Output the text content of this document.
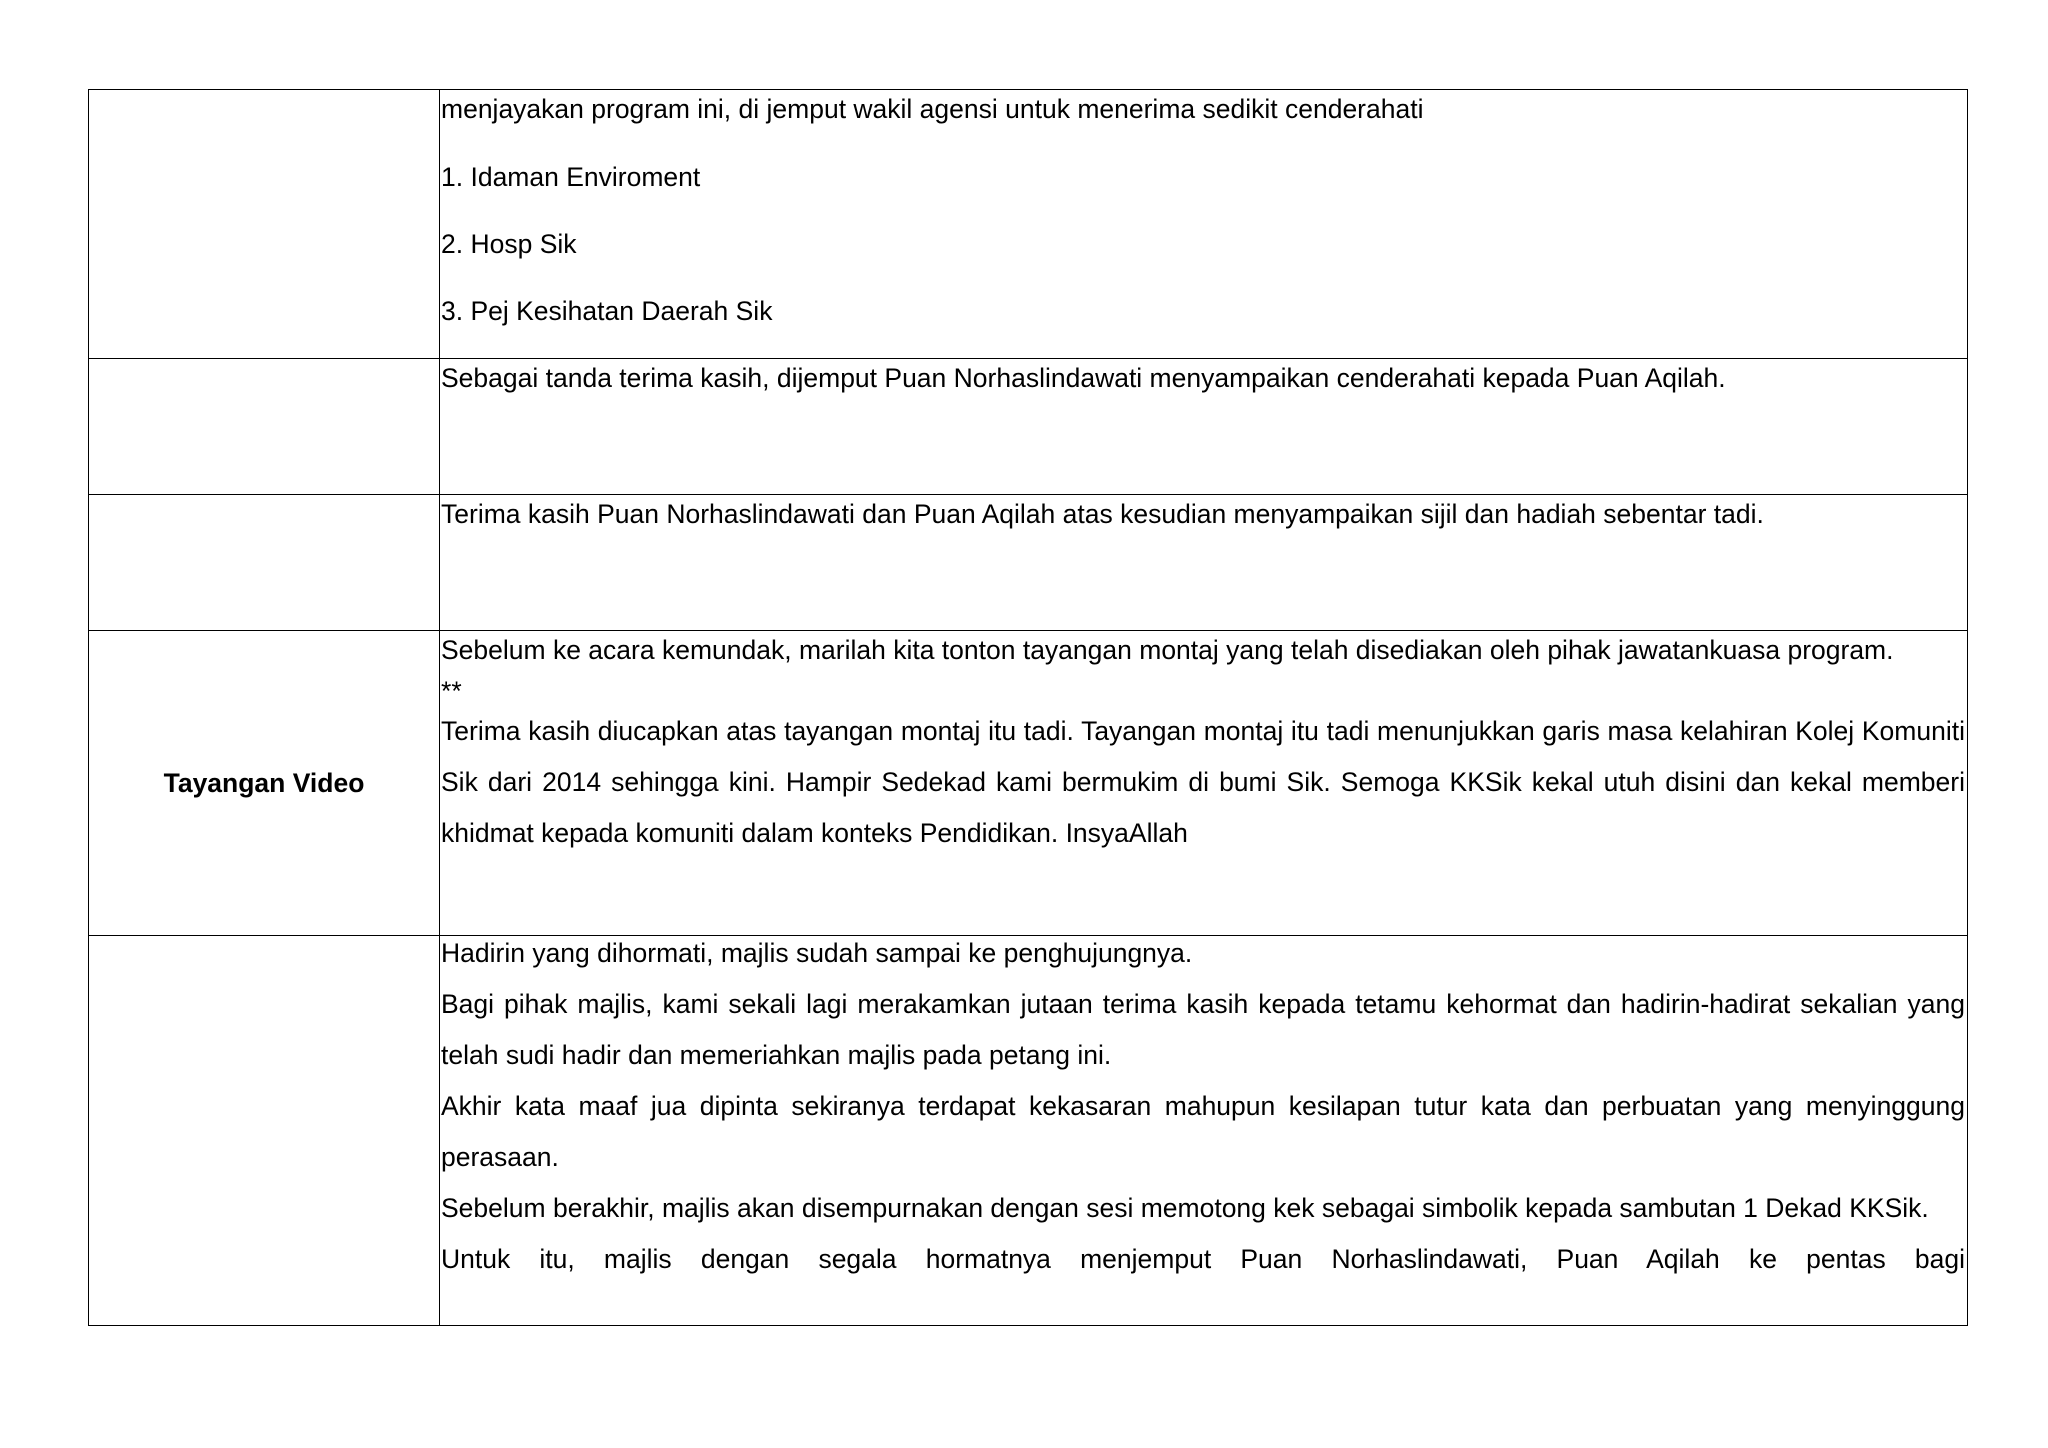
	menjayakan program ini, di jemput wakil agensi untuk menerima sedikit cenderahati

1. Idaman Enviroment

2. Hosp Sik

3. Pej Kesihatan Daerah Sik

	Sebagai tanda terima kasih, dijemput Puan Norhaslindawati menyampaikan cenderahati kepada Puan Aqilah.

	Terima kasih Puan Norhaslindawati dan Puan Aqilah atas kesudian menyampaikan sijil dan hadiah sebentar tadi.

Tayangan Video	Sebelum ke acara kemundak, marilah kita tonton tayangan montaj yang telah disediakan oleh pihak jawatankuasa program.

**

Terima kasih diucapkan atas tayangan montaj itu tadi. Tayangan montaj itu tadi menunjukkan garis masa kelahiran Kolej Komuniti Sik dari 2014 sehingga kini. Hampir Sedekad kami bermukim di bumi Sik. Semoga KKSik kekal utuh disini dan kekal memberi khidmat kepada komuniti dalam konteks Pendidikan. InsyaAllah

	Hadirin yang dihormati, majlis sudah sampai ke penghujungnya.

Bagi pihak majlis, kami sekali lagi merakamkan jutaan terima kasih kepada tetamu kehormat dan hadirin-hadirat sekalian yang telah sudi hadir dan memeriahkan majlis pada petang ini.

Akhir kata maaf jua dipinta sekiranya terdapat kekasaran mahupun kesilapan tutur kata dan perbuatan yang menyinggung perasaan.

Sebelum berakhir, majlis akan disempurnakan dengan sesi memotong kek sebagai simbolik kepada sambutan 1 Dekad KKSik.

Untuk itu, majlis dengan segala hormatnya menjemput Puan Norhaslindawati, Puan Aqilah ke pentas bagi
